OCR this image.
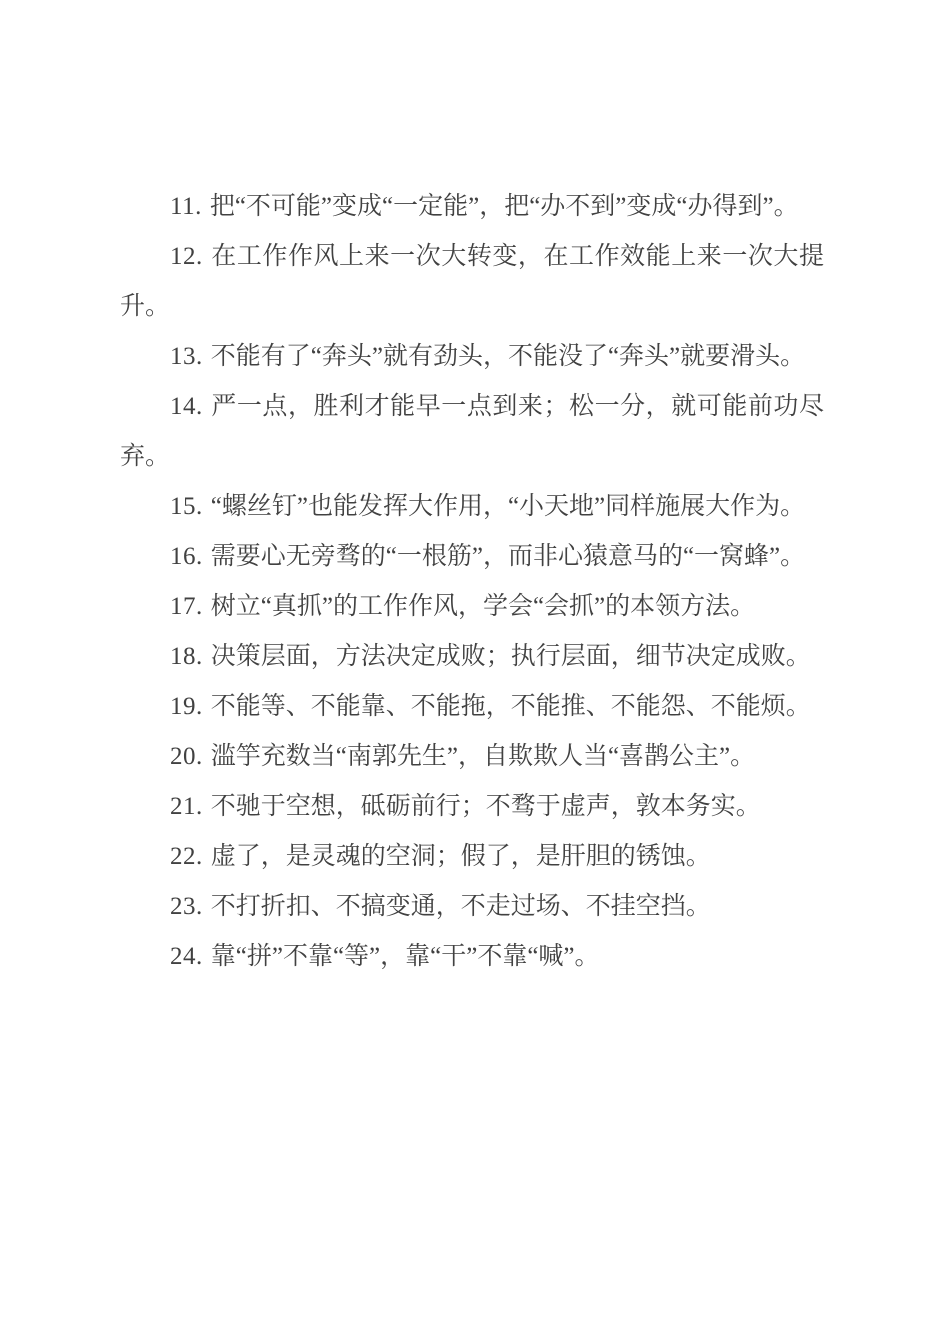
11. 把“不可能”变成“一定能”，把“办不到”变成“办得到”。

12. 在工作作风上来一次大转变，在工作效能上来一次大提升。

13. 不能有了“奔头”就有劲头，不能没了“奔头”就要滑头。

14. 严一点，胜利才能早一点到来；松一分，就可能前功尽弃。

15. “螺丝钉”也能发挥大作用，“小天地”同样施展大作为。

16. 需要心无旁骛的“一根筋”，而非心猿意马的“一窝蜂”。

17. 树立“真抓”的工作作风，学会“会抓”的本领方法。

18. 决策层面，方法决定成败；执行层面，细节决定成败。

19. 不能等、不能靠、不能拖，不能推、不能怨、不能烦。

20. 滥竽充数当“南郭先生”，自欺欺人当“喜鹊公主”。

21. 不驰于空想，砥砺前行；不骛于虚声，敦本务实。

22. 虚了，是灵魂的空洞；假了，是肝胆的锈蚀。

23. 不打折扣、不搞变通，不走过场、不挂空挡。

24. 靠“拼”不靠“等”，靠“干”不靠“喊”。
